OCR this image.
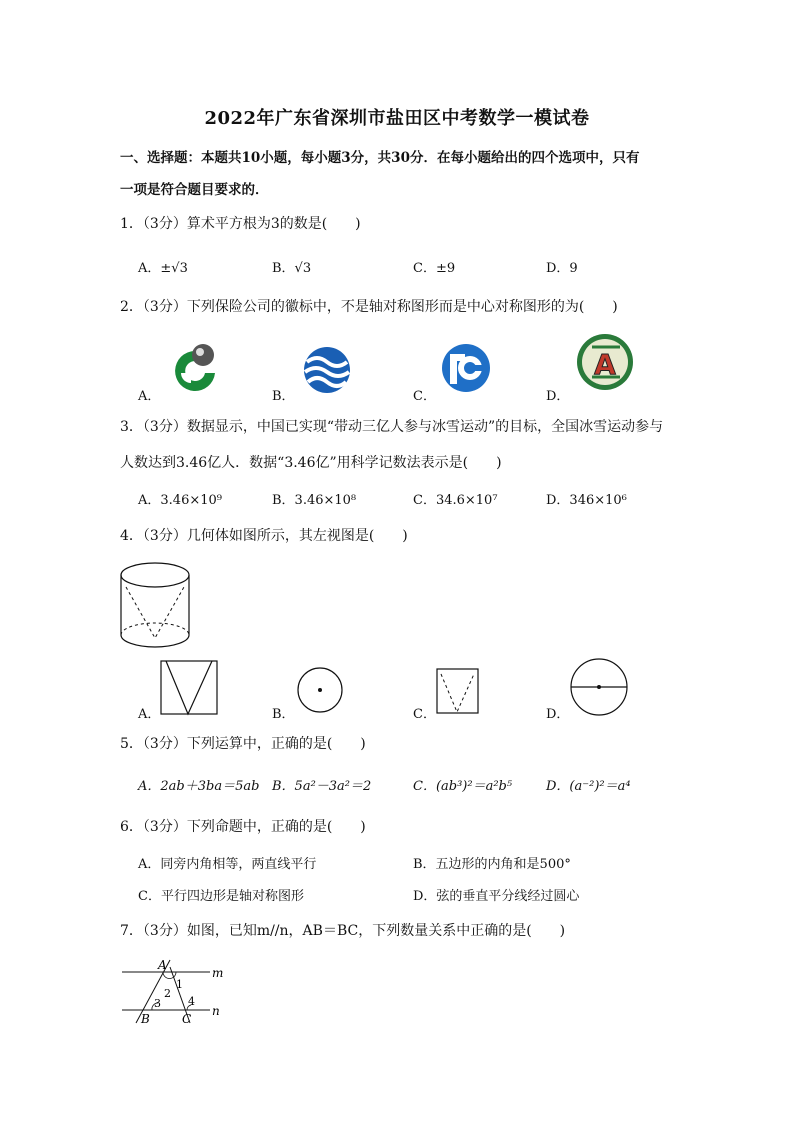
2022年广东省深圳市盐田区中考数学一模试卷
一、选择题：本题共10小题，每小题3分，共30分．在每小题给出的四个选项中，只有
一项是符合题目要求的．
1．（3分）算术平方根为3的数是(　　)
A．±√3	B．√3	C．±9	D．9
2．（3分）下列保险公司的徽标中，不是轴对称图形而是中心对称图形的为(　　)
A．	B．	C．	D．
A
3．（3分）数据显示，中国已实现“带动三亿人参与冰雪运动”的目标，全国冰雪运动参与
人数达到3.46亿人．数据“3.46亿”用科学记数法表示是(　　)
A．3.46×10⁹	B．3.46×10⁸	C．34.6×10⁷	D．346×10⁶
4．（3分）几何体如图所示，其左视图是(　　)
A．	B．	C．	D．
5．（3分）下列运算中，正确的是(　　)
A．2ab＋3ba＝5ab B．5a²－3a²＝2	C．(ab³)²＝a²b⁵	D．(a⁻²)²＝a⁴
6．（3分）下列命题中，正确的是(　　)
A．同旁内角相等，两直线平行	B．五边形的内角和是500°
C．平行四边形是轴对称图形	D．弦的垂直平分线经过圆心
7．（3分）如图，已知m//n，AB＝BC，下列数量关系中正确的是(　　)
A
B	C
m
n
1
2
3 4
